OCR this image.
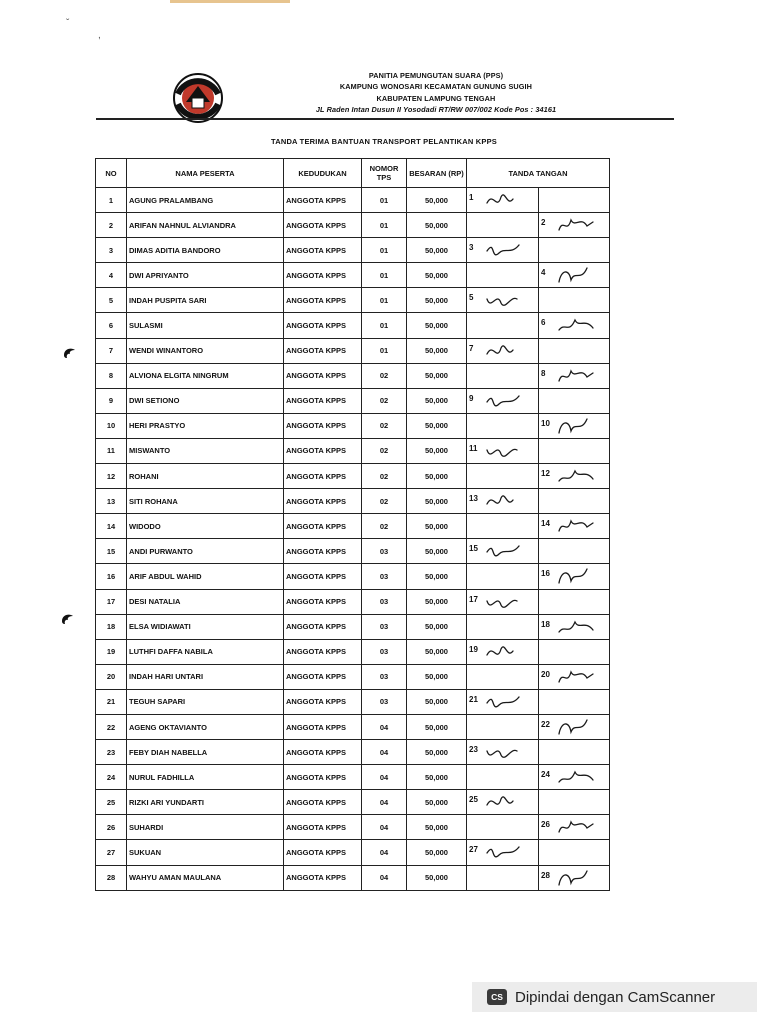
ˇ
,
PANITIA PEMUNGUTAN SUARA (PPS)
KAMPUNG WONOSARI KECAMATAN GUNUNG SUGIH
KABUPATEN LAMPUNG TENGAH
JL Raden Intan Dusun II Yosodadi RT/RW 007/002 Kode Pos : 34161
TANDA TERIMA BANTUAN TRANSPORT PELANTIKAN KPPS
NO	NAMA PESERTA	KEDUDUKAN	NOMOR TPS	BESARAN (RP)	TANDA TANGAN	
1	AGUNG PRALAMBANG	ANGGOTA KPPS	01	50,000	1	

2	ARIFAN NAHNUL ALVIANDRA	ANGGOTA KPPS	01	50,000		2

3	DIMAS ADITIA BANDORO	ANGGOTA KPPS	01	50,000	3	

4	DWI APRIYANTO	ANGGOTA KPPS	01	50,000		4

5	INDAH PUSPITA SARI	ANGGOTA KPPS	01	50,000	5	

6	SULASMI	ANGGOTA KPPS	01	50,000		6

7	WENDI WINANTORO	ANGGOTA KPPS	01	50,000	7	

8	ALVIONA ELGITA NINGRUM	ANGGOTA KPPS	02	50,000		8

9	DWI SETIONO	ANGGOTA KPPS	02	50,000	9	

10	HERI PRASTYO	ANGGOTA KPPS	02	50,000		10

11	MISWANTO	ANGGOTA KPPS	02	50,000	11	

12	ROHANI	ANGGOTA KPPS	02	50,000		12

13	SITI ROHANA	ANGGOTA KPPS	02	50,000	13	

14	WIDODO	ANGGOTA KPPS	02	50,000		14

15	ANDI PURWANTO	ANGGOTA KPPS	03	50,000	15	

16	ARIF ABDUL WAHID	ANGGOTA KPPS	03	50,000		16

17	DESI NATALIA	ANGGOTA KPPS	03	50,000	17	

18	ELSA WIDIAWATI	ANGGOTA KPPS	03	50,000		18

19	LUTHFI DAFFA NABILA	ANGGOTA KPPS	03	50,000	19	

20	INDAH HARI UNTARI	ANGGOTA KPPS	03	50,000		20

21	TEGUH SAPARI	ANGGOTA KPPS	03	50,000	21	

22	AGENG OKTAVIANTO	ANGGOTA KPPS	04	50,000		22

23	FEBY DIAH NABELLA	ANGGOTA KPPS	04	50,000	23	

24	NURUL FADHILLA	ANGGOTA KPPS	04	50,000		24

25	RIZKI ARI YUNDARTI	ANGGOTA KPPS	04	50,000	25	

26	SUHARDI	ANGGOTA KPPS	04	50,000		26

27	SUKUAN	ANGGOTA KPPS	04	50,000	27	

28	WAHYU AMAN MAULANA	ANGGOTA KPPS	04	50,000		28
CS Dipindai dengan CamScanner
